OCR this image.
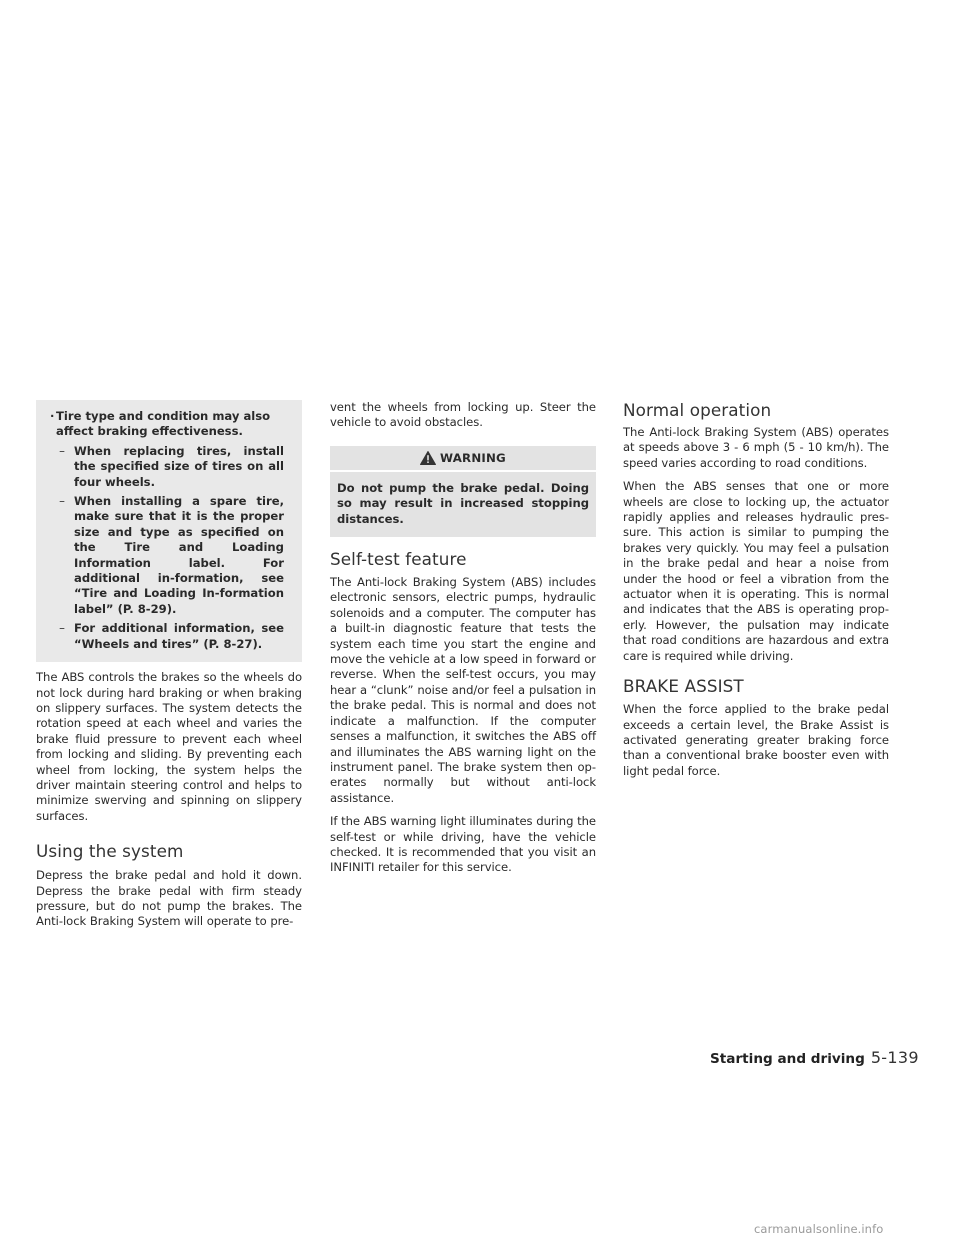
· Tire type and condition may also affect braking effectiveness.
– When replacing tires, install the specified size of tires on all four wheels.
– When installing a spare tire, make sure that it is the proper size and type as specified on the Tire and Loading Information label. For additional in-formation, see “Tire and Loading In-formation label” (P. 8-29).
– For additional information, see “Wheels and tires” (P. 8-27).

The ABS controls the brakes so the wheels do not lock during hard braking or when braking on slippery surfaces. The system detects the rotation speed at each wheel and varies the brake fluid pressure to prevent each wheel from locking and sliding. By preventing each wheel from locking, the system helps the driver maintain steering control and helps to minimize swerving and spinning on slippery surfaces.

Using the system

Depress the brake pedal and hold it down. Depress the brake pedal with firm steady pressure, but do not pump the brakes. The Anti-lock Braking System will operate to pre-

vent the wheels from locking up. Steer the vehicle to avoid obstacles.

WARNING
Do not pump the brake pedal. Doing so may result in increased stopping distances.
Self-test feature

The Anti-lock Braking System (ABS) includes electronic sensors, electric pumps, hydraulic solenoids and a computer. The computer has a built-in diagnostic feature that tests the system each time you start the engine and move the vehicle at a low speed in forward or reverse. When the self-test occurs, you may hear a “clunk” noise and/or feel a pulsation in the brake pedal. This is normal and does not indicate a malfunction. If the computer senses a malfunction, it switches the ABS off and illuminates the ABS warning light on the instrument panel. The brake system then op-erates normally but without anti-lock assistance.

If the ABS warning light illuminates during the self-test or while driving, have the vehicle checked. It is recommended that you visit an INFINITI retailer for this service.

Normal operation

The Anti-lock Braking System (ABS) operates at speeds above 3 - 6 mph (5 - 10 km/h). The speed varies according to road conditions.

When the ABS senses that one or more wheels are close to locking up, the actuator rapidly applies and releases hydraulic pres-sure. This action is similar to pumping the brakes very quickly. You may feel a pulsation in the brake pedal and hear a noise from under the hood or feel a vibration from the actuator when it is operating. This is normal and indicates that the ABS is operating prop-erly. However, the pulsation may indicate that road conditions are hazardous and extra care is required while driving.

BRAKE ASSIST

When the force applied to the brake pedal exceeds a certain level, the Brake Assist is activated generating greater braking force than a conventional brake booster even with light pedal force.

Starting and driving 5-139
carmanualsonline.info
